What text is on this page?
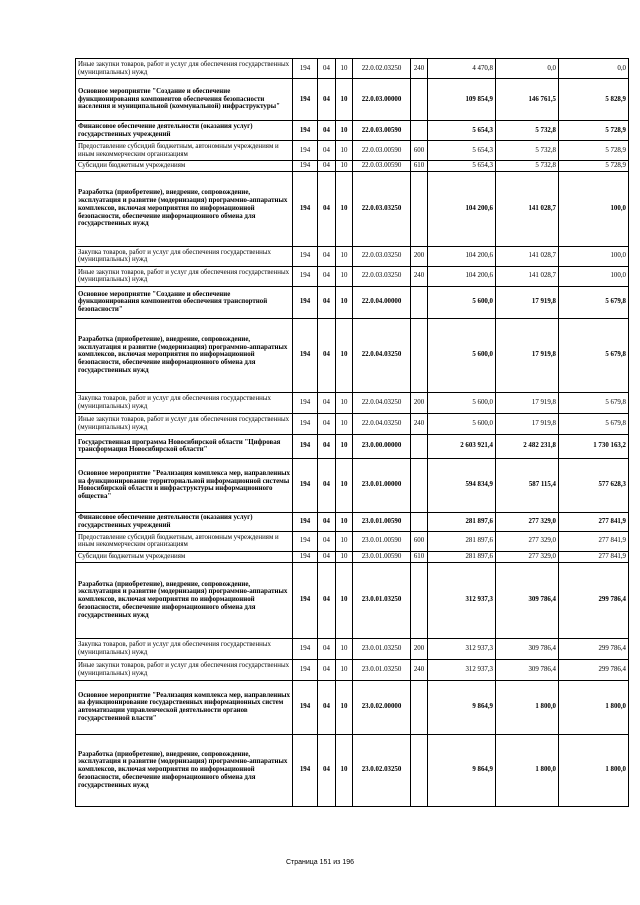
Иные закупки товаров, работ и услуг для обеспечения государственных (муниципальных) нужд	194	04	10	22.0.02.03250	240	4 470,8	0,0	0,0
Основное мероприятие "Создание и обеспечение функционирования компонентов обеспечения безопасности населения и муниципальной (коммунальной) инфраструктуры"	194	04	10	22.0.03.00000		109 854,9	146 761,5	5 828,9
Финансовое обеспечение деятельности (оказания услуг) государственных учреждений	194	04	10	22.0.03.00590		5 654,3	5 732,8	5 728,9
Предоставление субсидий бюджетным, автономным учреждениям и иным некоммерческим организациям	194	04	10	22.0.03.00590	600	5 654,3	5 732,8	5 728,9
Субсидии бюджетным учреждениям	194	04	10	22.0.03.00590	610	5 654,3	5 732,8	5 728,9
Разработка (приобретение), внедрение, сопровождение, эксплуатация и развитие (модернизация) программно-аппаратных комплексов, включая мероприятия по информационной безопасности, обеспечение информационного обмена для государственных нужд	194	04	10	22.0.03.03250		104 200,6	141 028,7	100,0
Закупка товаров, работ и услуг для обеспечения государственных (муниципальных) нужд	194	04	10	22.0.03.03250	200	104 200,6	141 028,7	100,0
Иные закупки товаров, работ и услуг для обеспечения государственных (муниципальных) нужд	194	04	10	22.0.03.03250	240	104 200,6	141 028,7	100,0
Основное мероприятие "Создание и обеспечение функционирования компонентов обеспечения транспортной безопасности"	194	04	10	22.0.04.00000		5 600,0	17 919,8	5 679,8
Разработка (приобретение), внедрение, сопровождение, эксплуатация и развитие (модернизация) программно-аппаратных комплексов, включая мероприятия по информационной безопасности, обеспечение информационного обмена для государственных нужд	194	04	10	22.0.04.03250		5 600,0	17 919,8	5 679,8
Закупка товаров, работ и услуг для обеспечения государственных (муниципальных) нужд	194	04	10	22.0.04.03250	200	5 600,0	17 919,8	5 679,8
Иные закупки товаров, работ и услуг для обеспечения государственных (муниципальных) нужд	194	04	10	22.0.04.03250	240	5 600,0	17 919,8	5 679,8
Государственная программа Новосибирской области "Цифровая трансформация Новосибирской области"	194	04	10	23.0.00.00000		2 603 921,4	2 482 231,8	1 730 163,2
Основное мероприятие "Реализация комплекса мер, направленных на функционирование территориальной информационной системы Новосибирской области и инфраструктуры информационного общества"	194	04	10	23.0.01.00000		594 834,9	587 115,4	577 628,3
Финансовое обеспечение деятельности (оказания услуг) государственных учреждений	194	04	10	23.0.01.00590		281 897,6	277 329,0	277 841,9
Предоставление субсидий бюджетным, автономным учреждениям и иным некоммерческим организациям	194	04	10	23.0.01.00590	600	281 897,6	277 329,0	277 841,9
Субсидии бюджетным учреждениям	194	04	10	23.0.01.00590	610	281 897,6	277 329,0	277 841,9
Разработка (приобретение), внедрение, сопровождение, эксплуатация и развитие (модернизация) программно-аппаратных комплексов, включая мероприятия по информационной безопасности, обеспечение информационного обмена для государственных нужд	194	04	10	23.0.01.03250		312 937,3	309 786,4	299 786,4
Закупка товаров, работ и услуг для обеспечения государственных (муниципальных) нужд	194	04	10	23.0.01.03250	200	312 937,3	309 786,4	299 786,4
Иные закупки товаров, работ и услуг для обеспечения государственных (муниципальных) нужд	194	04	10	23.0.01.03250	240	312 937,3	309 786,4	299 786,4
Основное мероприятие "Реализация комплекса мер, направленных на функционирование государственных информационных систем автоматизации управленческой деятельности органов государственной власти"	194	04	10	23.0.02.00000		9 864,9	1 800,0	1 800,0
Разработка (приобретение), внедрение, сопровождение, эксплуатация и развитие (модернизация) программно-аппаратных комплексов, включая мероприятия по информационной безопасности, обеспечение информационного обмена для государственных нужд	194	04	10	23.0.02.03250		9 864,9	1 800,0	1 800,0
Страница 151 из 196
